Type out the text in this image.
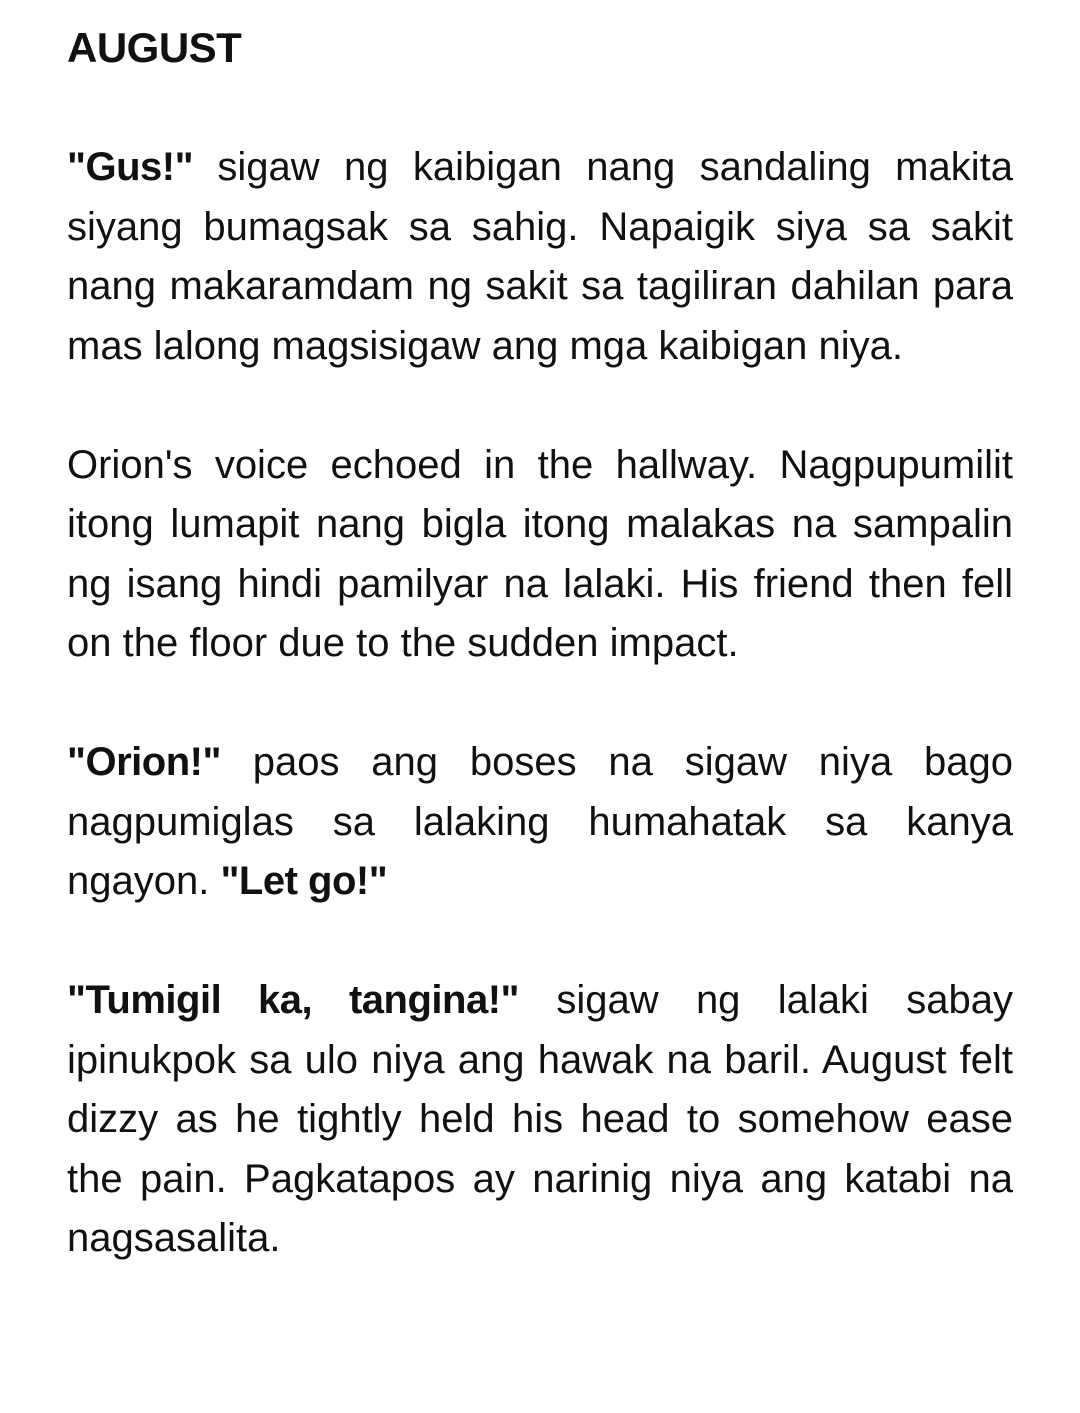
AUGUST

"Gus!" sigaw ng kaibigan nang sandaling makita siyang bumagsak sa sahig. Napaigik siya sa sakit nang makaramdam ng sakit sa tagiliran dahilan para mas lalong magsisigaw ang mga kaibigan niya.

Orion's voice echoed in the hallway. Nagpupumilit itong lumapit nang bigla itong malakas na sampalin ng isang hindi pamilyar na lalaki. His friend then fell on the floor due to the sudden impact.

"Orion!" paos ang boses na sigaw niya bago nagpumiglas sa lalaking humahatak sa kanya ngayon. "Let go!"

"Tumigil ka, tangina!" sigaw ng lalaki sabay ipinukpok sa ulo niya ang hawak na baril. August felt dizzy as he tightly held his head to somehow ease the pain. Pagkatapos ay narinig niya ang katabi na nagsasalita.
